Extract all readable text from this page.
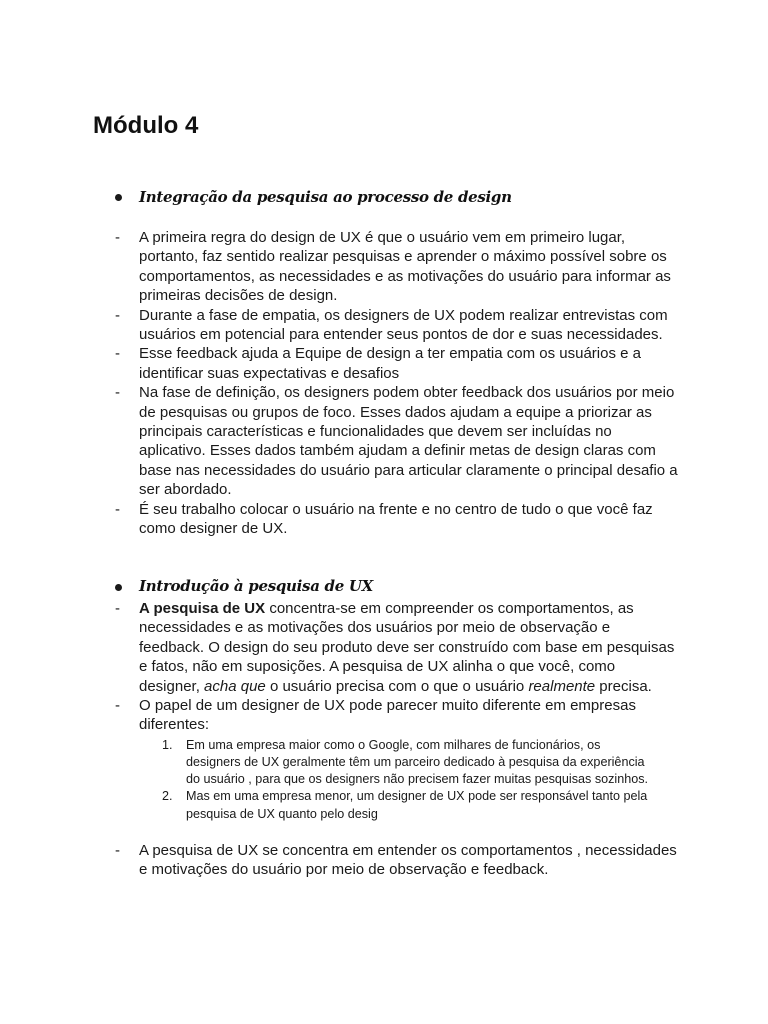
Módulo 4
Integração da pesquisa ao processo de design
- A primeira regra do design de UX é que o usuário vem em primeiro lugar, portanto, faz sentido realizar pesquisas e aprender o máximo possível sobre os comportamentos, as necessidades e as motivações do usuário para informar as primeiras decisões de design.
- Durante a fase de empatia, os designers de UX podem realizar entrevistas com usuários em potencial para entender seus pontos de dor e suas necessidades.
- Esse feedback ajuda a Equipe de design a ter empatia com os usuários e a identificar suas expectativas e desafios
- Na fase de definição, os designers podem obter feedback dos usuários por meio de pesquisas ou grupos de foco. Esses dados ajudam a equipe a priorizar as principais características e funcionalidades que devem ser incluídas no aplicativo. Esses dados também ajudam a definir metas de design claras com base nas necessidades do usuário para articular claramente o principal desafio a ser abordado.
- É seu trabalho colocar o usuário na frente e no centro de tudo o que você faz como designer de UX.
Introdução à pesquisa de UX
- A pesquisa de UX concentra-se em compreender os comportamentos, as necessidades e as motivações dos usuários por meio de observação e feedback. O design do seu produto deve ser construído com base em pesquisas e fatos, não em suposições. A pesquisa de UX alinha o que você, como designer, acha que o usuário precisa com o que o usuário realmente precisa.
- O papel de um designer de UX pode parecer muito diferente em empresas diferentes:
1. Em uma empresa maior como o Google, com milhares de funcionários, os designers de UX geralmente têm um parceiro dedicado à pesquisa da experiência do usuário , para que os designers não precisem fazer muitas pesquisas sozinhos.
2. Mas em uma empresa menor, um designer de UX pode ser responsável tanto pela pesquisa de UX quanto pelo desig
- A pesquisa de UX se concentra em entender os comportamentos , necessidades e motivações do usuário por meio de observação e feedback.
